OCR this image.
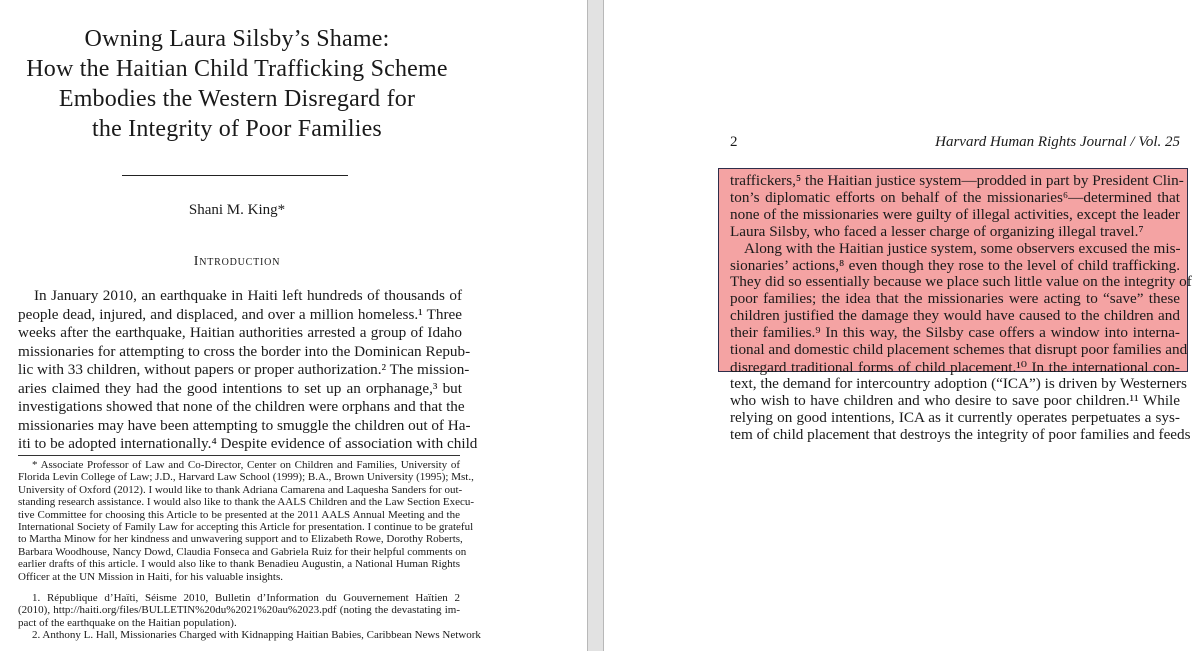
Owning Laura Silsby’s Shame:
How the Haitian Child Trafficking Scheme
Embodies the Western Disregard for
the Integrity of Poor Families
Shani M. King*
Introduction
In January 2010, an earthquake in Haiti left hundreds of thousands of
people dead, injured, and displaced, and over a million homeless.¹ Three
weeks after the earthquake, Haitian authorities arrested a group of Idaho
missionaries for attempting to cross the border into the Dominican Repub-
lic with 33 children, without papers or proper authorization.² The mission-
aries claimed they had the good intentions to set up an orphanage,³ but
investigations showed that none of the children were orphans and that the
missionaries may have been attempting to smuggle the children out of Ha-
iti to be adopted internationally.⁴ Despite evidence of association with child
* Associate Professor of Law and Co-Director, Center on Children and Families, University of
Florida Levin College of Law; J.D., Harvard Law School (1999); B.A., Brown University (1995); Mst.,
University of Oxford (2012). I would like to thank Adriana Camarena and Laquesha Sanders for out-
standing research assistance. I would also like to thank the AALS Children and the Law Section Execu-
tive Committee for choosing this Article to be presented at the 2011 AALS Annual Meeting and the
International Society of Family Law for accepting this Article for presentation. I continue to be grateful
to Martha Minow for her kindness and unwavering support and to Elizabeth Rowe, Dorothy Roberts,
Barbara Woodhouse, Nancy Dowd, Claudia Fonseca and Gabriela Ruiz for their helpful comments on
earlier drafts of this article. I would also like to thank Benadieu Augustin, a National Human Rights
Officer at the UN Mission in Haiti, for his valuable insights.
1. République d’Haïti, Séisme 2010, Bulletin d’Information du Gouvernement Haïtien 2
(2010), http://haiti.org/files/BULLETIN%20du%2021%20au%2023.pdf (noting the devastating im-
pact of the earthquake on the Haitian population).
2. Anthony L. Hall, Missionaries Charged with Kidnapping Haitian Babies, Caribbean News Network
2	Harvard Human Rights Journal / Vol. 25
traffickers,⁵ the Haitian justice system—prodded in part by President Clin-
ton’s diplomatic efforts on behalf of the missionaries⁶—determined that
none of the missionaries were guilty of illegal activities, except the leader
Laura Silsby, who faced a lesser charge of organizing illegal travel.⁷
Along with the Haitian justice system, some observers excused the mis-
sionaries’ actions,⁸ even though they rose to the level of child trafficking.
They did so essentially because we place such little value on the integrity of
poor families; the idea that the missionaries were acting to “save” these
children justified the damage they would have caused to the children and
their families.⁹ In this way, the Silsby case offers a window into interna-
tional and domestic child placement schemes that disrupt poor families and
disregard traditional forms of child placement.¹⁰ In the international con-
text, the demand for intercountry adoption (“ICA”) is driven by Westerners
who wish to have children and who desire to save poor children.¹¹ While
relying on good intentions, ICA as it currently operates perpetuates a sys-
tem of child placement that destroys the integrity of poor families and feeds
